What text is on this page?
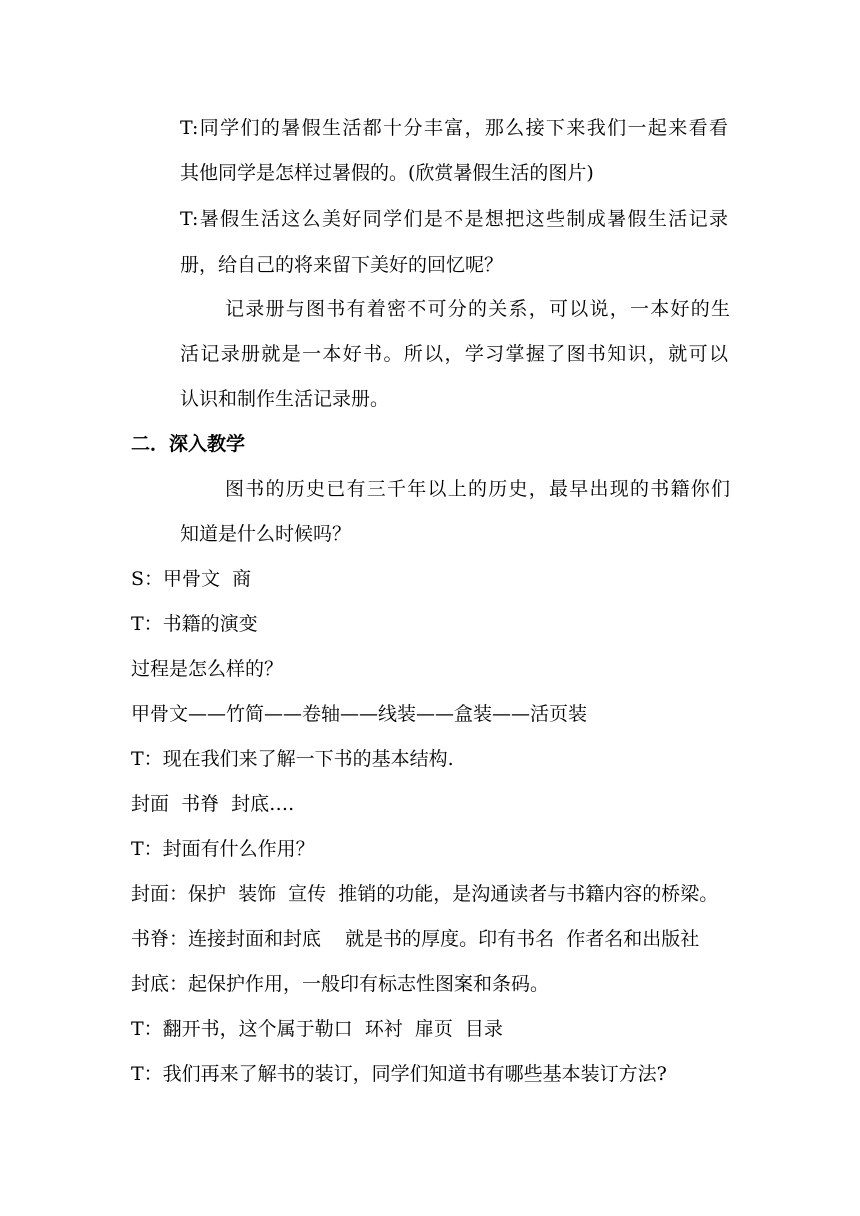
T:同学们的暑假生活都十分丰富，那么接下来我们一起来看看

其他同学是怎样过暑假的。(欣赏暑假生活的图片)

T:暑假生活这么美好同学们是不是想把这些制成暑假生活记录

册，给自己的将来留下美好的回忆呢？

记录册与图书有着密不可分的关系，可以说，一本好的生

活记录册就是一本好书。所以，学习掌握了图书知识，就可以

认识和制作生活记录册。

二．深入教学

图书的历史已有三千年以上的历史，最早出现的书籍你们

知道是什么时候吗？

S：甲骨文  商

T：书籍的演变

过程是怎么样的？

甲骨文——竹简——卷轴——线装——盒装——活页装

T：现在我们来了解一下书的基本结构.

封面  书脊  封底….

T：封面有什么作用？

封面：保护  装饰  宣传  推销的功能，是沟通读者与书籍内容的桥梁。

书脊：连接封面和封底    就是书的厚度。印有书名  作者名和出版社

封底：起保护作用，一般印有标志性图案和条码。

T：翻开书，这个属于勒口  环衬  扉页  目录

T：我们再来了解书的装订，同学们知道书有哪些基本装订方法?
